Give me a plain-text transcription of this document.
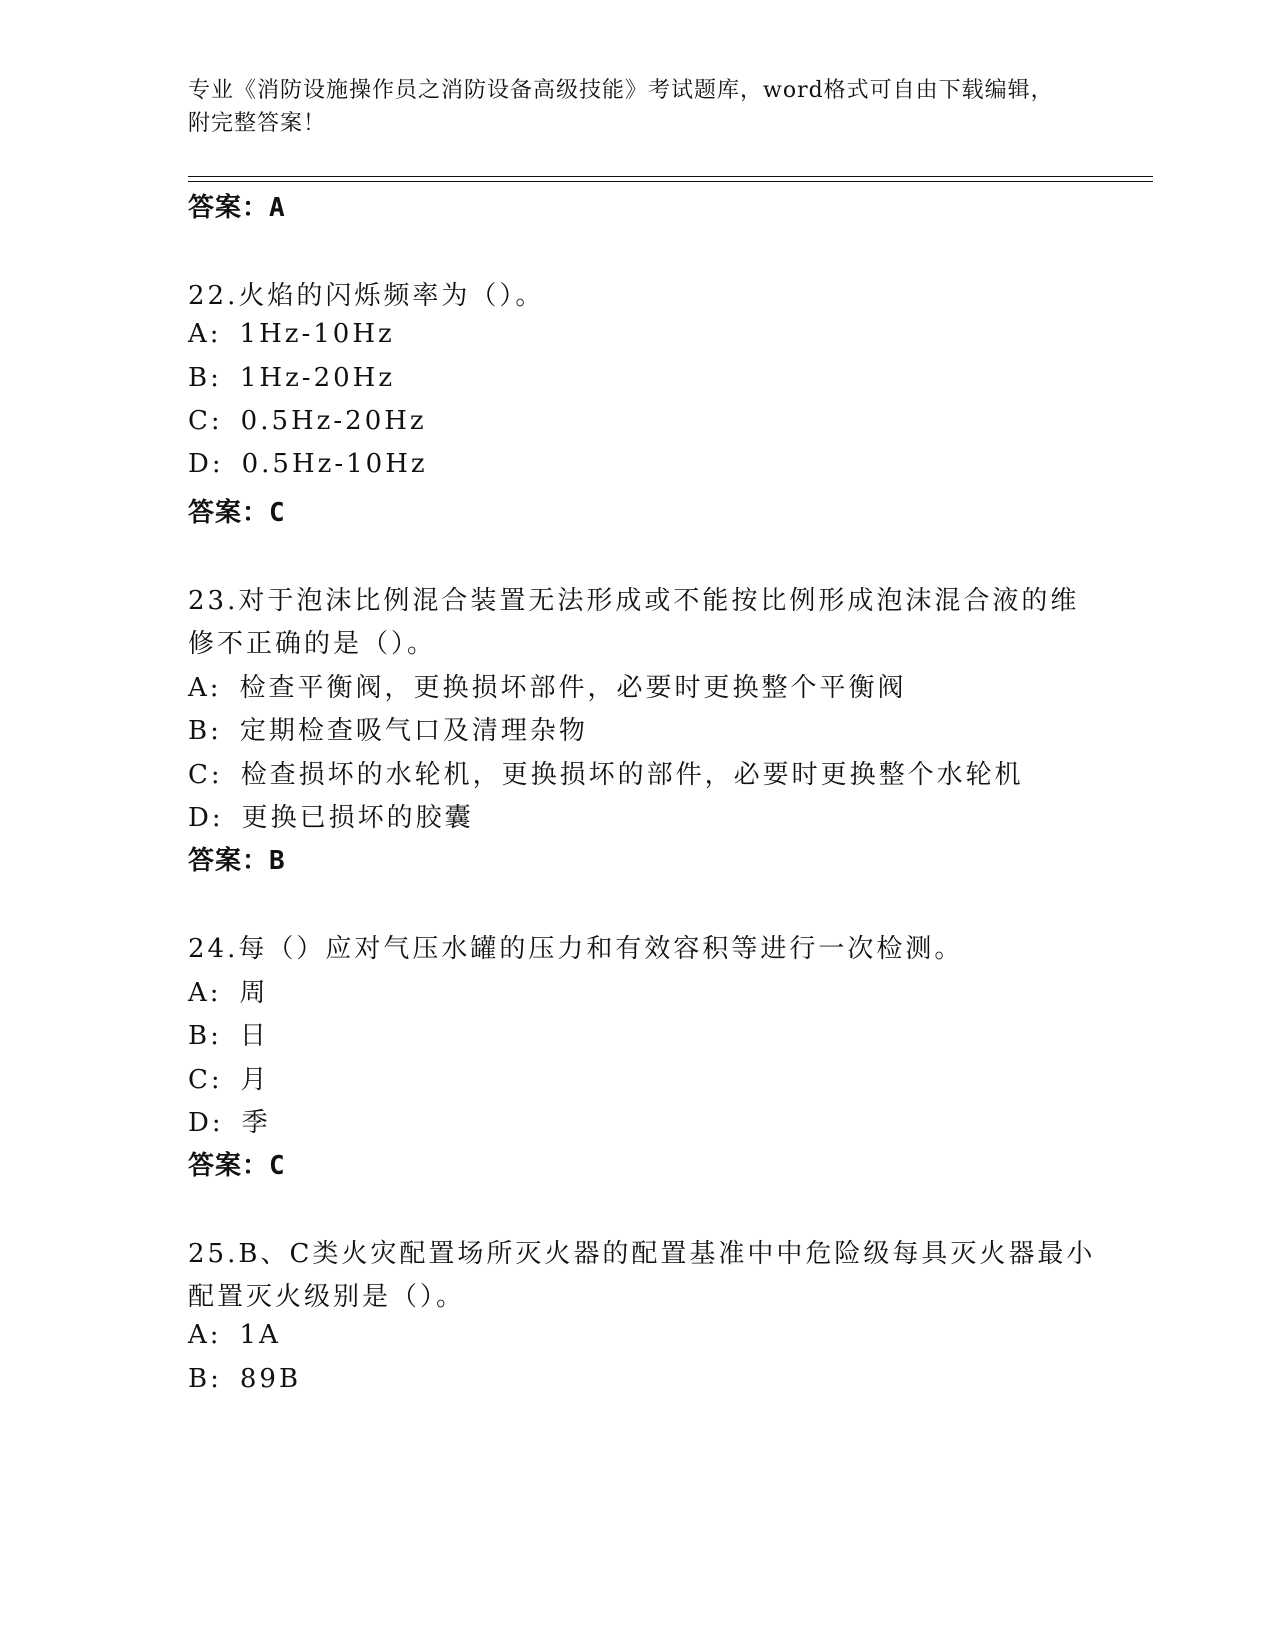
专业《消防设施操作员之消防设备高级技能》考试题库，word格式可自由下载编辑，附完整答案！
答案：A
22.火焰的闪烁频率为（）。
A: 1Hz-10Hz
B: 1Hz-20Hz
C: 0.5Hz-20Hz
D: 0.5Hz-10Hz
答案：C
23.对于泡沫比例混合装置无法形成或不能按比例形成泡沫混合液的维
修不正确的是（）。
A: 检查平衡阀，更换损坏部件，必要时更换整个平衡阀
B: 定期检查吸气口及清理杂物
C: 检查损坏的水轮机，更换损坏的部件，必要时更换整个水轮机
D: 更换已损坏的胶囊
答案：B
24.每（）应对气压水罐的压力和有效容积等进行一次检测。
A: 周
B: 日
C: 月
D: 季
答案：C
25.B、C类火灾配置场所灭火器的配置基准中中危险级每具灭火器最小
配置灭火级别是（）。
A: 1A
B: 89B
